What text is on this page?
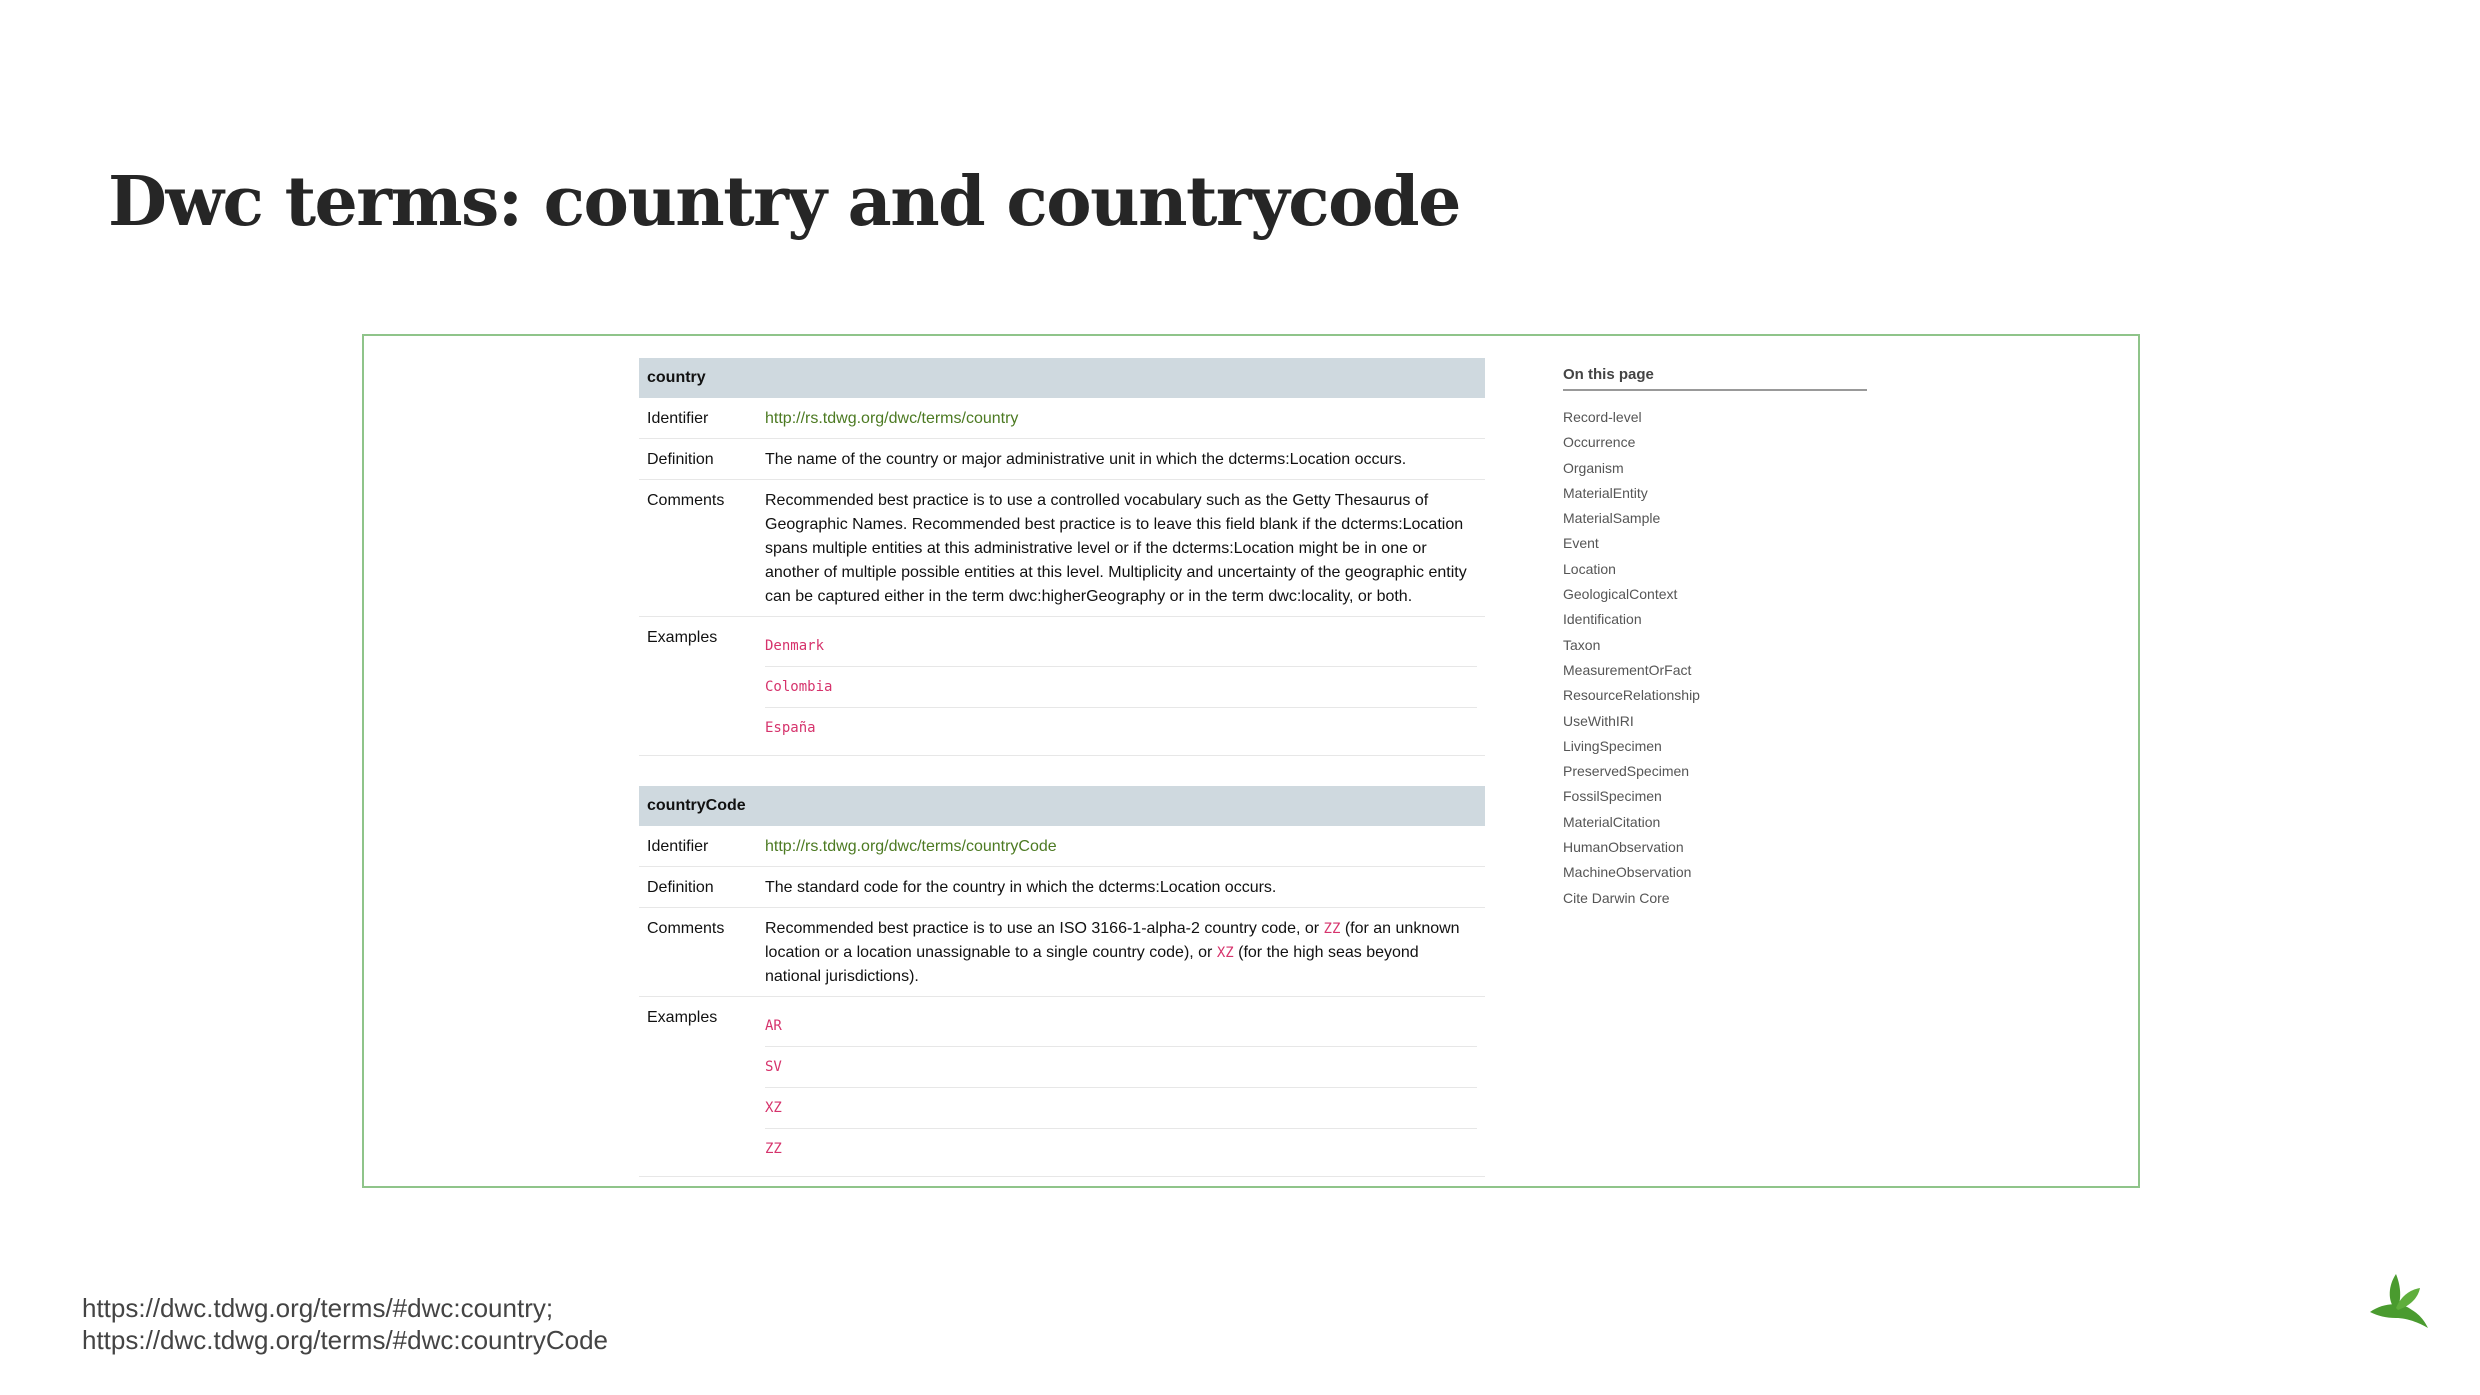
Dwc terms: country and countrycode
country	
Identifier	http://rs.tdwg.org/dwc/terms/country
Definition	The name of the country or major administrative unit in which the dcterms:Location occurs.
Comments	Recommended best practice is to use a controlled vocabulary such as the Getty Thesaurus of Geographic Names. Recommended best practice is to leave this field blank if the dcterms:Location spans multiple entities at this administrative level or if the dcterms:Location might be in one or another of multiple possible entities at this level. Multiplicity and uncertainty of the geographic entity can be captured either in the term dwc:higherGeography or in the term dwc:locality, or both.
Examples	Denmark
Colombia
España
countryCode	
Identifier	http://rs.tdwg.org/dwc/terms/countryCode
Definition	The standard code for the country in which the dcterms:Location occurs.
Comments	Recommended best practice is to use an ISO 3166-1-alpha-2 country code, or ZZ (for an unknown location or a location unassignable to a single country code), or XZ (for the high seas beyond national jurisdictions).
Examples	AR
SV
XZ
ZZ
On this page
Record-level
Occurrence
Organism
MaterialEntity
MaterialSample
Event
Location
GeologicalContext
Identification
Taxon
MeasurementOrFact
ResourceRelationship
UseWithIRI
LivingSpecimen
PreservedSpecimen
FossilSpecimen
MaterialCitation
HumanObservation
MachineObservation
Cite Darwin Core
https://dwc.tdwg.org/terms/#dwc:country;
https://dwc.tdwg.org/terms/#dwc:countryCode
